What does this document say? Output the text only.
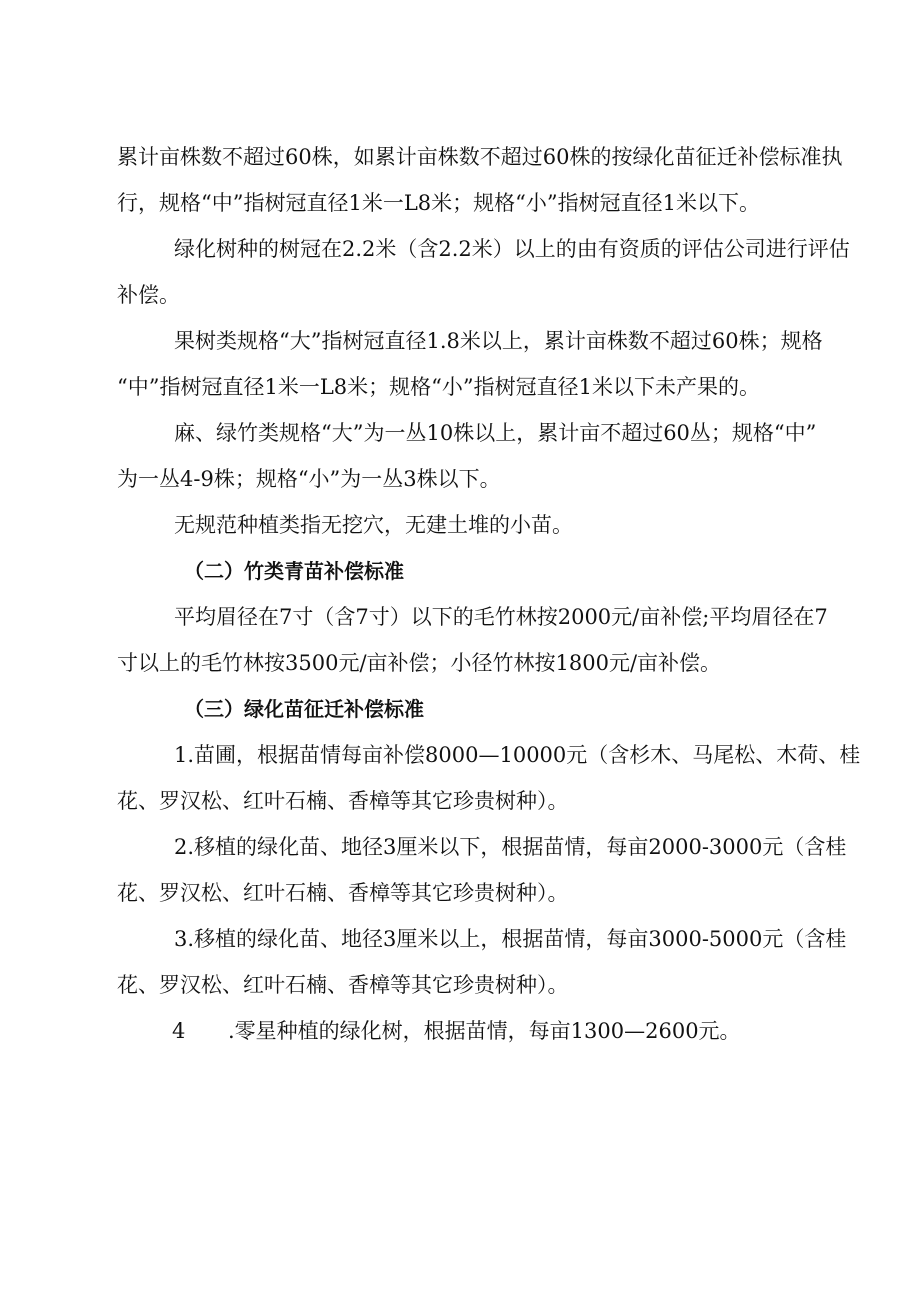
累计亩株数不超过60株，如累计亩株数不超过60株的按绿化苗征迁补偿标准执
行，规格“中”指树冠直径1米一L8米；规格“小”指树冠直径1米以下。
绿化树种的树冠在2.2米（含2.2米）以上的由有资质的评估公司进行评估
补偿。
果树类规格“大”指树冠直径1.8米以上，累计亩株数不超过60株；规格
“中”指树冠直径1米一L8米；规格“小”指树冠直径1米以下未产果的。
麻、绿竹类规格“大”为一丛10株以上，累计亩不超过60丛；规格“中”
为一丛4-9株；规格“小”为一丛3株以下。
无规范种植类指无挖穴，无建土堆的小苗。
（二）竹类青苗补偿标准
平均眉径在7寸（含7寸）以下的毛竹林按2000元/亩补偿;平均眉径在7
寸以上的毛竹林按3500元/亩补偿；小径竹林按1800元/亩补偿。
（三）绿化苗征迁补偿标准
1.苗圃，根据苗情每亩补偿8000—10000元（含杉木、马尾松、木荷、桂
花、罗汉松、红叶石楠、香樟等其它珍贵树种）。
2.移植的绿化苗、地径3厘米以下，根据苗情，每亩2000-3000元（含桂
花、罗汉松、红叶石楠、香樟等其它珍贵树种）。
3.移植的绿化苗、地径3厘米以上，根据苗情，每亩3000-5000元（含桂
花、罗汉松、红叶石楠、香樟等其它珍贵树种）。
4 .零星种植的绿化树，根据苗情，每亩1300—2600元。
